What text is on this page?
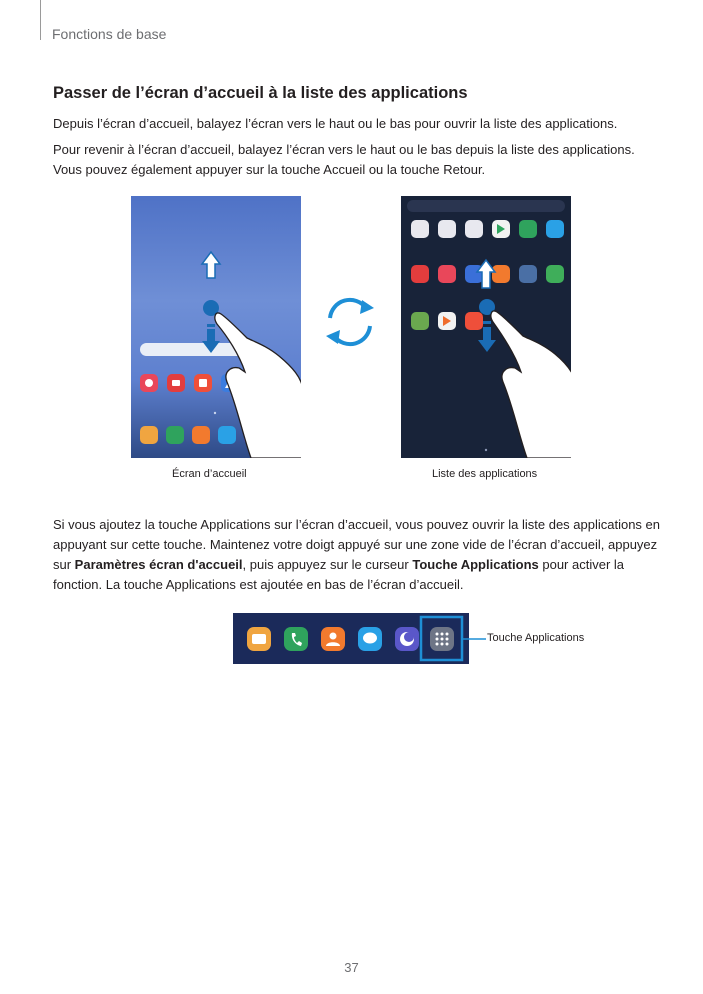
Fonctions de base
Passer de l’écran d’accueil à la liste des applications

Depuis l’écran d’accueil, balayez l’écran vers le haut ou le bas pour ouvrir la liste des applications.

Pour revenir à l’écran d’accueil, balayez l’écran vers le haut ou le bas depuis la liste des applications. Vous pouvez également appuyer sur la touche Accueil ou la touche Retour.

Écran d’accueil	Liste des applications

Si vous ajoutez la touche Applications sur l’écran d’accueil, vous pouvez ouvrir la liste des applications en appuyant sur cette touche. Maintenez votre doigt appuyé sur une zone vide de l’écran d’accueil, appuyez sur Paramètres écran d'accueil, puis appuyez sur le curseur Touche Applications pour activer la fonction. La touche Applications est ajoutée en bas de l’écran d’accueil.

Touche Applications
37
